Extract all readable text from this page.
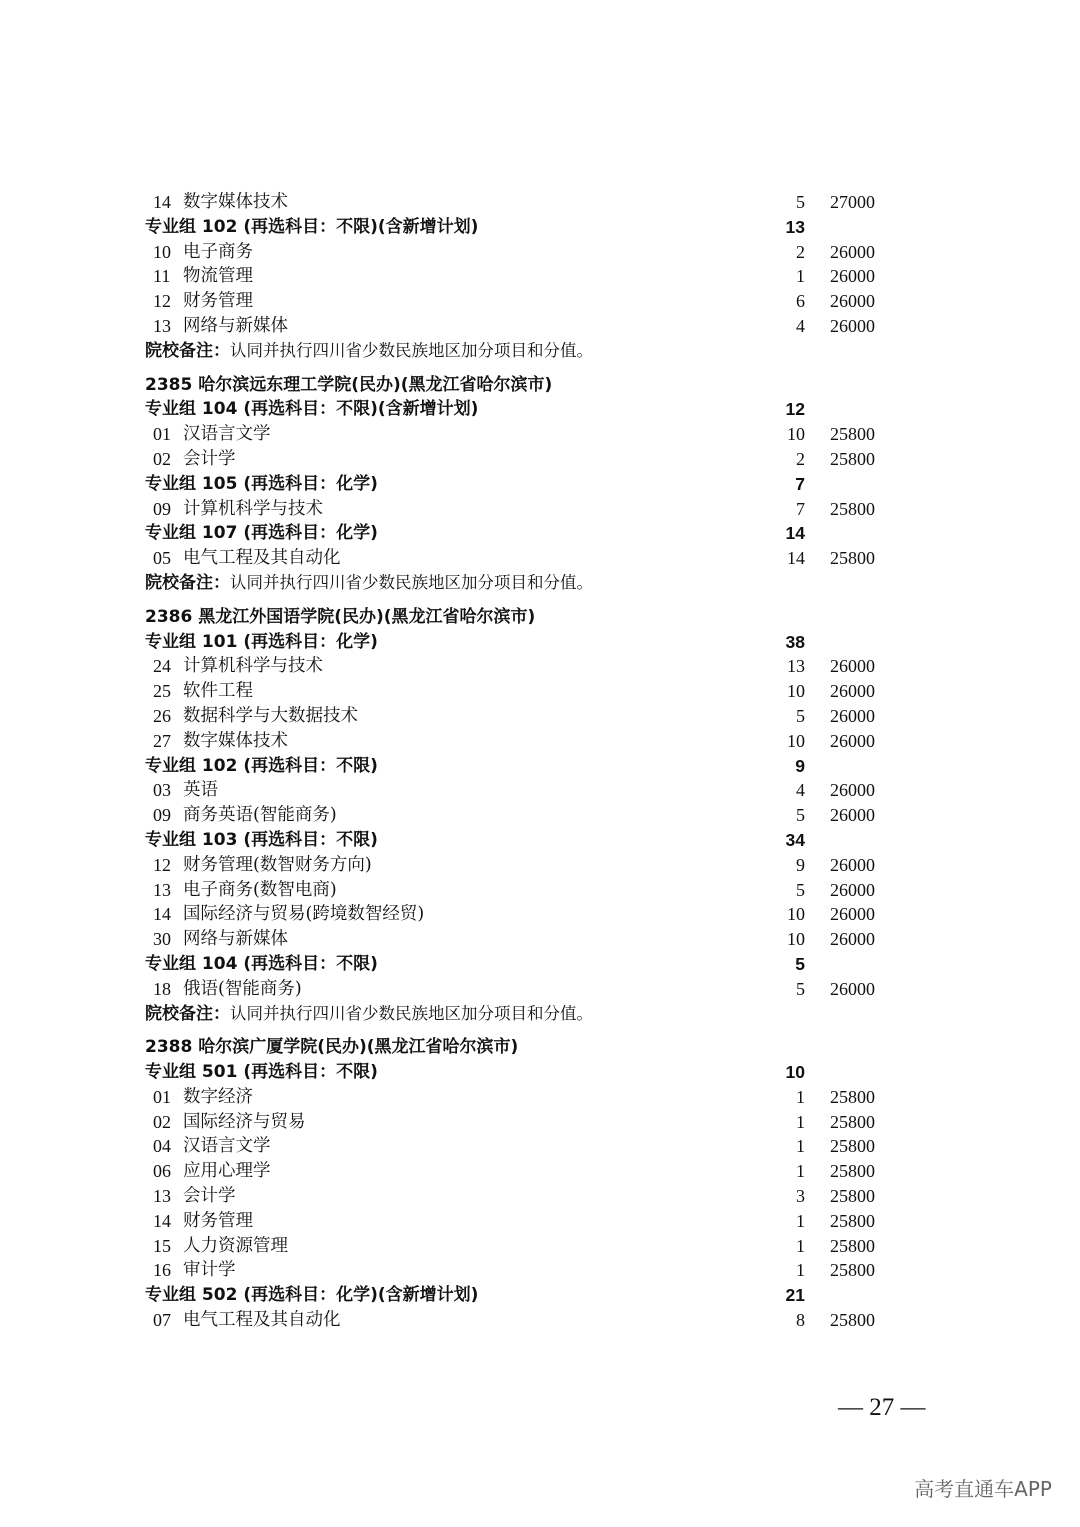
14 数字媒体技术	5 27000
专业组 102 (再选科目：不限)(含新增计划)	13
10 电子商务	2 26000
11 物流管理	1 26000
12 财务管理	6 26000
13 网络与新媒体	4 26000
院校备注：认同并执行四川省少数民族地区加分项目和分值。
2385 哈尔滨远东理工学院(民办)(黑龙江省哈尔滨市)
专业组 104 (再选科目：不限)(含新增计划)	12
01 汉语言文学	10 25800
02 会计学	2 25800
专业组 105 (再选科目：化学)	7
09 计算机科学与技术	7 25800
专业组 107 (再选科目：化学)	14
05 电气工程及其自动化	14 25800
院校备注：认同并执行四川省少数民族地区加分项目和分值。
2386 黑龙江外国语学院(民办)(黑龙江省哈尔滨市)
专业组 101 (再选科目：化学)	38
24 计算机科学与技术	13 26000
25 软件工程	10 26000
26 数据科学与大数据技术	5 26000
27 数字媒体技术	10 26000
专业组 102 (再选科目：不限)	9
03 英语	4 26000
09 商务英语(智能商务)	5 26000
专业组 103 (再选科目：不限)	34
12 财务管理(数智财务方向)	9 26000
13 电子商务(数智电商)	5 26000
14 国际经济与贸易(跨境数智经贸)	10 26000
30 网络与新媒体	10 26000
专业组 104 (再选科目：不限)	5
18 俄语(智能商务)	5 26000
院校备注：认同并执行四川省少数民族地区加分项目和分值。
2388 哈尔滨广厦学院(民办)(黑龙江省哈尔滨市)
专业组 501 (再选科目：不限)	10
01 数字经济	1 25800
02 国际经济与贸易	1 25800
04 汉语言文学	1 25800
06 应用心理学	1 25800
13 会计学	3 25800
14 财务管理	1 25800
15 人力资源管理	1 25800
16 审计学	1 25800
专业组 502 (再选科目：化学)(含新增计划)	21
07 电气工程及其自动化	8 25800
— 27 —
高考直通车APP
